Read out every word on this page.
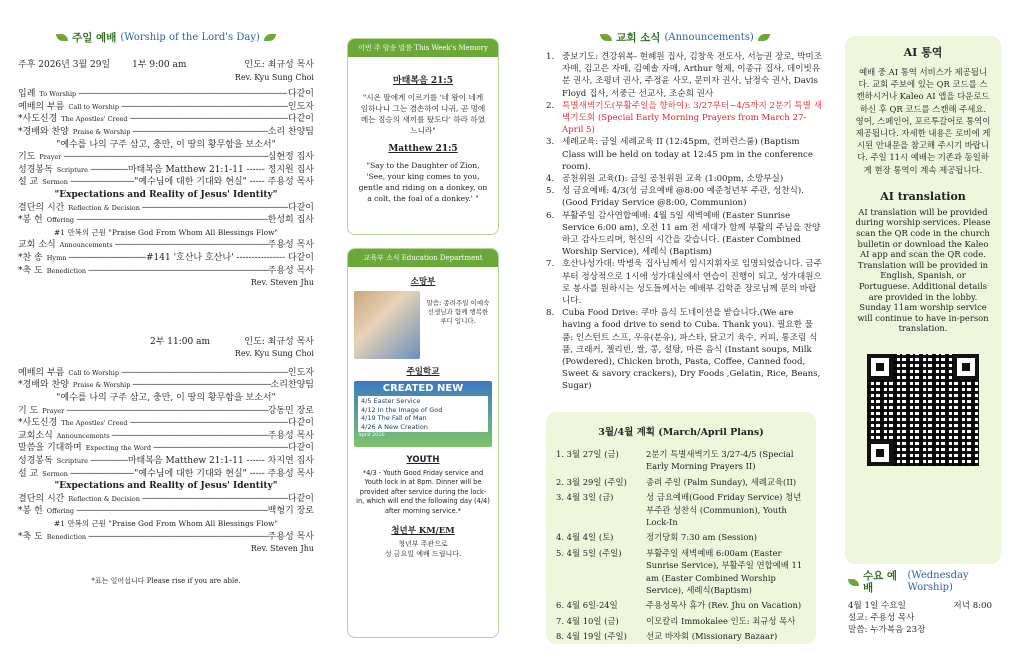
주일 예배 (Worship of the Lord's Day)
주후 2026년 3월 29일 1부 9:00 am	인도: 최규성 목사
Rev. Kyu Sung Choi
입례 To Worship -----	다같이
예배의 부름 Call to Worship -----	인도자
*사도신경 The Apostles' Creed -----	다같이
*경배와 찬양 Praise & Worship -----	소리 찬양팀
"예수를 나의 구주 삼고, 충만, 이 땅의 황무함을 보소서"
기도 Prayer -----	심현정 집사
성경봉독 Scripture -----	마태복음 Matthew 21:1-11 ------ 정지원 집사
설 교 Sermon -----	"예수님에 대한 기대와 현실" ----- 주용성 목사
"Expectations and Reality of Jesus' Identity"
결단의 시간 Reflection & Decision -----	다같이
*봉 헌 Offering -----	한성희 집사
#1 만복의 근원 "Praise God From Whom All Blessings Flow"
교회 소식 Announcements -----	주용성 목사
*찬 송 Hymn -----	#141 '호산나 호산나' ---------------- 다같이
*축 도 Benediction -----	주용성 목사
Rev. Steven Jhu
2부 11:00 am	인도: 최규성 목사
Rev. Kyu Sung Choi
예배의 부름 Call to Worship -----	인도자
*경배와 찬양 Praise & Worship -----	소리찬양팀
"예수를 나의 구주 삼고, 충만, 이 땅의 황무함을 보소서"
기 도 Prayer -----	강동민 장로
*사도신경 The Apostles' Creed -----	다같이
교회소식 Announcements -----	주용성 목사
말씀을 기대하며 Expecting the Word -----	다같이
성경봉독 Scripture -----	마태복음 Matthew 21:1-11 ------ 차지연 집사
설 교 Sermon -----	"예수님에 대한 기대와 현실" ----- 주용성 목사
"Expectations and Reality of Jesus' Identity"
결단의 시간 Reflection & Decision -----	다같이
*봉 헌 Offering -----	백형기 장로
#1 만복의 근원 "Praise God From Whom All Blessings Flow"
*축 도 Benediction -----	주용성 목사
Rev. Steven Jhu
*표는 일어섭니다 Please rise if you are able.
이번 주 암송 말씀 This Week's Memory Verse
마태복음 21:5
"시온 딸에게 이르기를 '네 왕이 네게 임하나니 그는 겸손하여 나귀, 곧 멍에 메는 짐승의 새끼를 탔도다' 하라 하였느니라"
Matthew 21:5
"Say to the Daughter of Zion, 'See, your king comes to you, gentle and riding on a donkey, on a colt, the foal of a donkey.' "
교육부 소식 Education Department
소망부
말씀: 종려주일 이예숙 선생님과 함께 행복한 루디 입니다.
주일학교
CREATED NEW
4/5 Easter Service
4/12 In the Image of God
4/19 The Fall of Man
4/26 A New Creation
April 2026
YOUTH
*4/3 - Youth Good Friday service and Youth lock in at 8pm. Dinner will be provided after service during the lock-in, which will end the following day (4/4) after morning service.*
청년부 KM/EM
청년부 주관으로
성 금요일 예배 드립니다.
교회 소식 (Announcements)
1. 중보기도: 견강위복- 현혜원 집사, 김창욱 전도사, 서능권 장로, 박미조 자매, 김고은 자매, 김예솔 자매, Arthur 형제, 이종규 집사, 데이빗유분 권사, 조평녀 권사, 주정윤 사모, 문미자 권사, 남정숙 권사, Davis Floyd 집사, 서중근 선교사, 조순희 권사
2. 특별새벽기도(부활주일을 향하여): 3/27부터~4/5까지 2분기 특별 새벽기도회 (Special Early Morning Prayers from March 27-April 5)
3. 세례교육: 금일 세례교육 II (12:45pm, 컨퍼런스룸) (Baptism Class will be held on today at 12:45 pm in the conference room).
4. 공천위원 교육(I): 금일 공천위원 교육 (1:00pm, 소망부실)
5. 성 금요예배: 4/3(성 금요예배 @8:00 예준청년부 주관, 성찬식). (Good Friday Service @8:00, Communion)
6. 부활주일 감사연합예배: 4월 5일 새벽예배 (Easter Sunrise Service 6:00 am), 오전 11 am 전 세대가 함께 부활의 주님을 찬양하고 감사드리며, 헌신의 시간을 갖습니다. (Easter Combined Worship Service), 세례식 (Baptism)
7. 호산나성가대: 박병욱 집사님께서 임시지휘자로 임명되었습니다. 금주부터 정상적으로 1시에 성가대실에서 연습이 진행이 되고, 성가대원으로 봉사를 원하시는 성도들께서는 예배부 김학준 장로님께 문의 바랍니다.
8. Cuba Food Drive: 쿠바 음식 도네이션을 받습니다.(We are having a food drive to send to Cuba. Thank you). 필요한 물품: 인스턴트 스프, 우유(분유), 파스타, 닭고기 육수, 커피, 통조림 식품, 크래커, 젤리빈, 쌀, 콩, 설탕, 마른 음식 (Instant soups, Milk (Powdered), Chicken broth, Pasta, Coffee, Canned food, Sweet & savory crackers), Dry Foods ,Gelatin, Rice, Beans, Sugar)
3월/4월 계획 (March/April Plans)
1. 3월 27일 (금)	2분기 특별새벽기도 3/27-4/5 (Special Early Morning Prayers II)
2. 3월 29일 (주일)	종려 주일 (Palm Sunday), 세례교육(II)
3. 4월 3일 (금)	성 금요예배(Good Friday Service) 청년부주관 성찬식 (Communion), Youth Lock-In
4. 4월 4일 (토)	정기당회 7:30 am (Session)
5. 4월 5일 (주일)	부활주일 새벽예배 6:00am (Easter Sunrise Service), 부활주일 연합예배 11 am (Easter Combined Worship Service), 세례식(Baptism)
6. 4월 6일-24일	주용성목사 휴가 (Rev. Jhu on Vacation)
7. 4월 10일 (금)	이모칼리 Immokalee 인도: 최규성 목사
8. 4월 19일 (주일)	선교 바자회 (Missionary Bazaar)
AI 통역
예배 중 AI 통역 서비스가 제공됩니다. 교회 주보에 있는 QR 코드를 스캔하시거나 Kaleo AI 앱을 다운로드하신 후 QR 코드를 스캔해 주세요. 영어, 스페인어, 포르투갈어로 통역이 제공됩니다. 자세한 내용은 로비에 게시된 안내문을 참고해 주시기 바랍니다. 주일 11시 예배는 기존과 동일하게 현장 통역이 계속 제공됩니다.
AI translation
AI translation will be provided during worship services. Please scan the QR code in the church bulletin or download the Kaleo AI app and scan the QR code. Translation will be provided in English, Spanish, or Portuguese. Additional details are provided in the lobby. Sunday 11am worship service will continue to have in-person translation.
수요 예배
(Wednesday Worship)
4월 1일 수요일	저녁 8:00
설교: 주용성 목사
말씀: 누가복음 23장
